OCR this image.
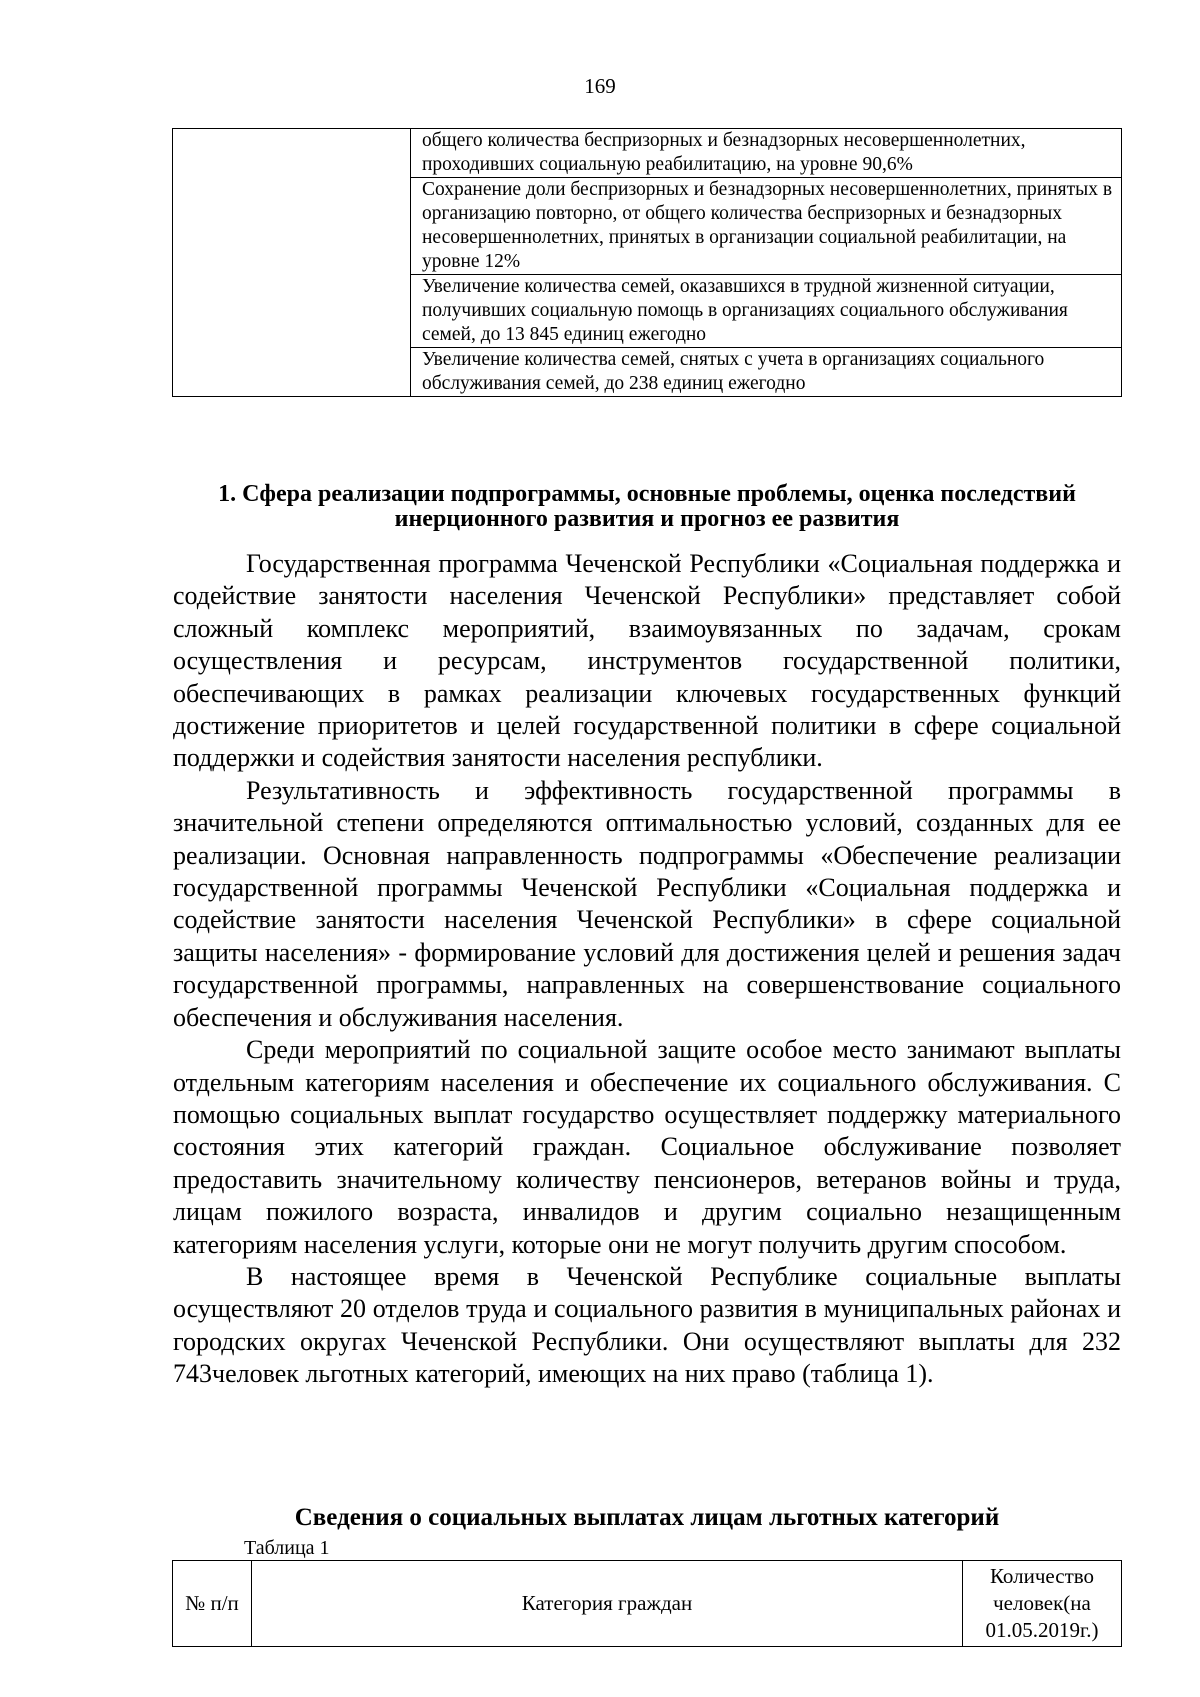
169
	общего количества беспризорных и безнадзорных несовершеннолетних, проходивших социальную реабилитацию, на уровне 90,6%
Сохранение доли беспризорных и безнадзорных несовершеннолетних, принятых в организацию повторно, от общего количества беспризорных и безнадзорных несовершеннолетних, принятых в организации социальной реабилитации, на уровне 12%
Увеличение количества семей, оказавшихся в трудной жизненной ситуации, получивших социальную помощь в организациях социального обслуживания семей, до 13 845 единиц ежегодно
Увеличение количества семей, снятых с учета в организациях социального обслуживания семей, до 238 единиц ежегодно
1. Сфера реализации подпрограммы, основные проблемы, оценка последствий инерционного развития и прогноз ее развития

Государственная программа Чеченской Республики «Социальная поддержка и содействие занятости населения Чеченской Республики» представляет собой сложный комплекс мероприятий, взаимоувязанных по задачам, срокам осуществления и ресурсам, инструментов государственной политики, обеспечивающих в рамках реализации ключевых государственных функций достижение приоритетов и целей государственной политики в сфере социальной поддержки и содействия занятости населения республики.

Результативность и эффективность государственной программы в значительной степени определяются оптимальностью условий, созданных для ее реализации. Основная направленность подпрограммы «Обеспечение реализации государственной программы Чеченской Республики «Социальная поддержка и содействие занятости населения Чеченской Республики» в сфере социальной защиты населения» - формирование условий для достижения целей и решения задач государственной программы, направленных на совершенствование социального обеспечения и обслуживания населения.

Среди мероприятий по социальной защите особое место занимают выплаты отдельным категориям населения и обеспечение их социального обслуживания. С помощью социальных выплат государство осуществляет поддержку материального состояния этих категорий граждан. Социальное обслуживание позволяет предоставить значительному количеству пенсионеров, ветеранов войны и труда, лицам пожилого возраста, инвалидов и другим социально незащищенным категориям населения услуги, которые они не могут получить другим способом.

В настоящее время в Чеченской Республике социальные выплаты осуществляют 20 отделов труда и социального развития в муниципальных районах и городских округах Чеченской Республики. Они осуществляют выплаты для 232 743человек льготных категорий, имеющих на них право (таблица 1).

Сведения о социальных выплатах лицам льготных категорий
Таблица 1
№ п/п	Категория граждан	Количество человек(на 01.05.2019г.)
